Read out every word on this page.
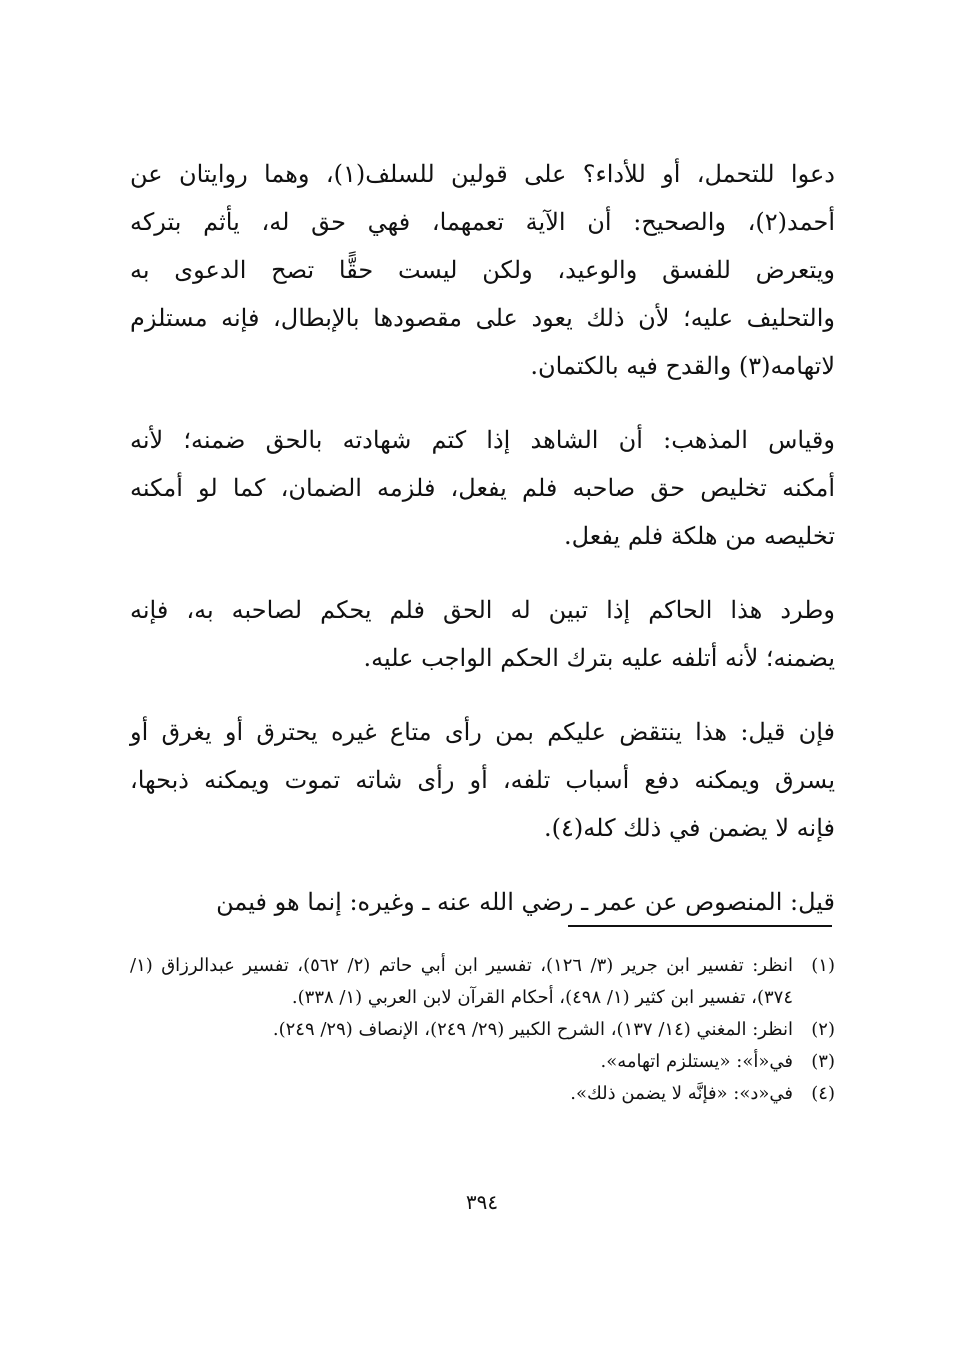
دعوا للتحمل، أو للأداء؟ على قولين للسلف(١)، وهما روايتان عن
أحمد(٢)، والصحيح: أن الآية تعمهما، فهي حق له، يأثم بتركه
ويتعرض للفسق والوعيد، ولكن ليست حقًّا تصح الدعوى به
والتحليف عليه؛ لأن ذلك يعود على مقصودها بالإبطال، فإنه مستلزم
لاتهامه(٣) والقدح فيه بالكتمان.

وقياس المذهب: أن الشاهد إذا كتم شهادته بالحق ضمنه؛ لأنه
أمكنه تخليص حق صاحبه فلم يفعل، فلزمه الضمان، كما لو أمكنه
تخليصه من هلكة فلم يفعل.

وطرد هذا الحاكم إذا تبين له الحق فلم يحكم لصاحبه به، فإنه
يضمنه؛ لأنه أتلفه عليه بترك الحكم الواجب عليه.

فإن قيل: هذا ينتقض عليكم بمن رأى متاع غيره يحترق أو يغرق أو
يسرق ويمكنه دفع أسباب تلفه، أو رأى شاته تموت ويمكنه ذبحها،
فإنه لا يضمن في ذلك كله(٤).

قيل: المنصوص عن عمر ـ رضي الله عنه ـ وغيره: إنما هو فيمن

(١)
انظر: تفسير ابن جرير (٣/ ١٢٦)، تفسير ابن أبي حاتم (٢/ ٥٦٢)، تفسير عبدالرزاق (١/ ٣٧٤)، تفسير ابن كثير (١/ ٤٩٨)، أحكام القرآن لابن العربي (١/ ٣٣٨).
(٢)
انظر: المغني (١٤/ ١٣٧)، الشرح الكبير (٢٩/ ٢٤٩)، الإنصاف (٢٩/ ٢٤٩).
(٣)
في«أ»: «يستلزم اتهامه».
(٤)
في«د»: «فإنَّه لا يضمن ذلك».
٣٩٤
